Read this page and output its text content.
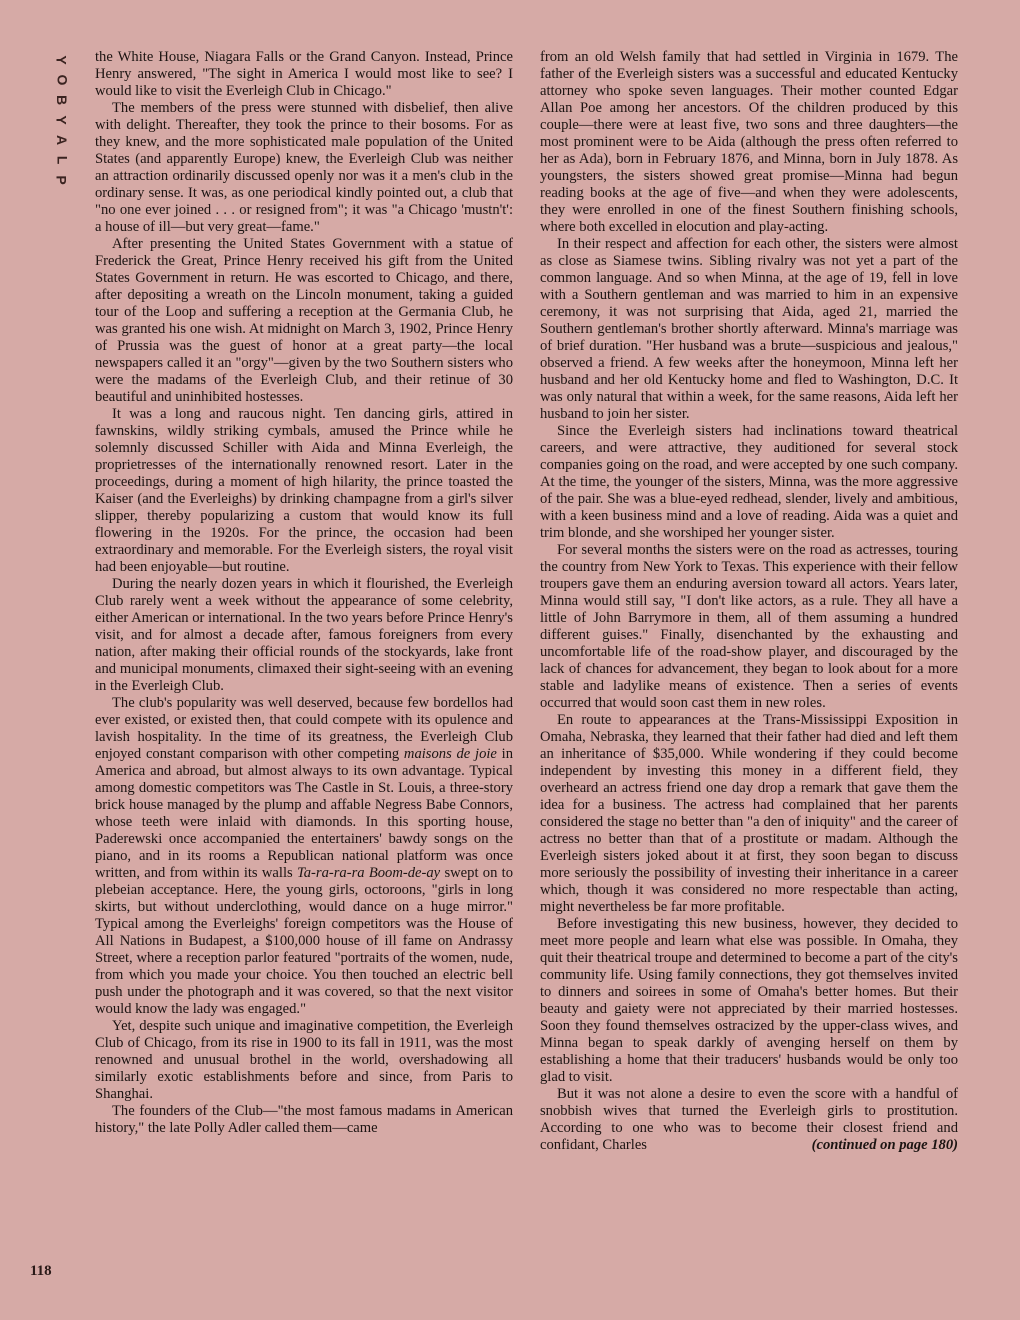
Y
O
B
Y
A
L
P
118

the White House, Niagara Falls or the Grand Canyon. Instead, Prince Henry answered, "The sight in America I would most like to see? I would like to visit the Everleigh Club in Chicago."

The members of the press were stunned with disbelief, then alive with delight. Thereafter, they took the prince to their bosoms. For as they knew, and the more sophisticated male population of the United States (and apparently Europe) knew, the Everleigh Club was neither an attraction ordinarily discussed openly nor was it a men's club in the ordinary sense. It was, as one periodical kindly pointed out, a club that "no one ever joined . . . or resigned from"; it was "a Chicago 'mustn't': a house of ill—but very great—fame."

After presenting the United States Government with a statue of Frederick the Great, Prince Henry received his gift from the United States Government in return. He was escorted to Chicago, and there, after depositing a wreath on the Lincoln monument, taking a guided tour of the Loop and suffering a reception at the Germania Club, he was granted his one wish. At midnight on March 3, 1902, Prince Henry of Prussia was the guest of honor at a great party—the local newspapers called it an "orgy"—given by the two Southern sisters who were the madams of the Everleigh Club, and their retinue of 30 beautiful and uninhibited hostesses.

It was a long and raucous night. Ten dancing girls, attired in fawnskins, wildly striking cymbals, amused the Prince while he solemnly discussed Schiller with Aida and Minna Everleigh, the proprietresses of the internationally renowned resort. Later in the proceedings, during a moment of high hilarity, the prince toasted the Kaiser (and the Everleighs) by drinking champagne from a girl's silver slipper, thereby popularizing a custom that would know its full flowering in the 1920s. For the prince, the occasion had been extraordinary and memorable. For the Everleigh sisters, the royal visit had been enjoyable—but routine.

During the nearly dozen years in which it flourished, the Everleigh Club rarely went a week without the appearance of some celebrity, either American or international. In the two years before Prince Henry's visit, and for almost a decade after, famous foreigners from every nation, after making their official rounds of the stockyards, lake front and municipal monuments, climaxed their sight-seeing with an evening in the Everleigh Club.

The club's popularity was well deserved, because few bordellos had ever existed, or existed then, that could compete with its opulence and lavish hospitality. In the time of its greatness, the Everleigh Club enjoyed constant comparison with other competing maisons de joie in America and abroad, but almost always to its own advantage. Typical among domestic competitors was The Castle in St. Louis, a three-story brick house managed by the plump and affable Negress Babe Connors, whose teeth were inlaid with diamonds. In this sporting house, Paderewski once accompanied the entertainers' bawdy songs on the piano, and in its rooms a Republican national platform was once written, and from within its walls Ta-ra-ra-ra Boom-de-ay swept on to plebeian acceptance. Here, the young girls, octoroons, "girls in long skirts, but without underclothing, would dance on a huge mirror." Typical among the Everleighs' foreign competitors was the House of All Nations in Budapest, a $100,000 house of ill fame on Andrassy Street, where a reception parlor featured "portraits of the women, nude, from which you made your choice. You then touched an electric bell push under the photograph and it was covered, so that the next visitor would know the lady was engaged."

Yet, despite such unique and imaginative competition, the Everleigh Club of Chicago, from its rise in 1900 to its fall in 1911, was the most renowned and unusual brothel in the world, overshadowing all similarly exotic establishments before and since, from Paris to Shanghai.

The founders of the Club—"the most famous madams in American history," the late Polly Adler called them—came

from an old Welsh family that had settled in Virginia in 1679. The father of the Everleigh sisters was a successful and educated Kentucky attorney who spoke seven languages. Their mother counted Edgar Allan Poe among her ancestors. Of the children produced by this couple—there were at least five, two sons and three daughters—the most prominent were to be Aida (although the press often referred to her as Ada), born in February 1876, and Minna, born in July 1878. As youngsters, the sisters showed great promise—Minna had begun reading books at the age of five—and when they were adolescents, they were enrolled in one of the finest Southern finishing schools, where both excelled in elocution and play-acting.

In their respect and affection for each other, the sisters were almost as close as Siamese twins. Sibling rivalry was not yet a part of the common language. And so when Minna, at the age of 19, fell in love with a Southern gentleman and was married to him in an expensive ceremony, it was not surprising that Aida, aged 21, married the Southern gentleman's brother shortly afterward. Minna's marriage was of brief duration. "Her husband was a brute—suspicious and jealous," observed a friend. A few weeks after the honeymoon, Minna left her husband and her old Kentucky home and fled to Washington, D.C. It was only natural that within a week, for the same reasons, Aida left her husband to join her sister.

Since the Everleigh sisters had inclinations toward theatrical careers, and were attractive, they auditioned for several stock companies going on the road, and were accepted by one such company. At the time, the younger of the sisters, Minna, was the more aggressive of the pair. She was a blue-eyed redhead, slender, lively and ambitious, with a keen business mind and a love of reading. Aida was a quiet and trim blonde, and she worshiped her younger sister.

For several months the sisters were on the road as actresses, touring the country from New York to Texas. This experience with their fellow troupers gave them an enduring aversion toward all actors. Years later, Minna would still say, "I don't like actors, as a rule. They all have a little of John Barrymore in them, all of them assuming a hundred different guises." Finally, disenchanted by the exhausting and uncomfortable life of the road-show player, and discouraged by the lack of chances for advancement, they began to look about for a more stable and ladylike means of existence. Then a series of events occurred that would soon cast them in new roles.

En route to appearances at the Trans-Mississippi Exposition in Omaha, Nebraska, they learned that their father had died and left them an inheritance of $35,000. While wondering if they could become independent by investing this money in a different field, they overheard an actress friend one day drop a remark that gave them the idea for a business. The actress had complained that her parents considered the stage no better than "a den of iniquity" and the career of actress no better than that of a prostitute or madam. Although the Everleigh sisters joked about it at first, they soon began to discuss more seriously the possibility of investing their inheritance in a career which, though it was considered no more respectable than acting, might nevertheless be far more profitable.

Before investigating this new business, however, they decided to meet more people and learn what else was possible. In Omaha, they quit their theatrical troupe and determined to become a part of the city's community life. Using family connections, they got themselves invited to dinners and soirees in some of Omaha's better homes. But their beauty and gaiety were not appreciated by their married hostesses. Soon they found themselves ostracized by the upper-class wives, and Minna began to speak darkly of avenging herself on them by establishing a home that their traducers' husbands would be only too glad to visit.

But it was not alone a desire to even the score with a handful of snobbish wives that turned the Everleigh girls to prostitution. According to one who was to become their closest friend and confidant, Charles	(continued on page 180)
